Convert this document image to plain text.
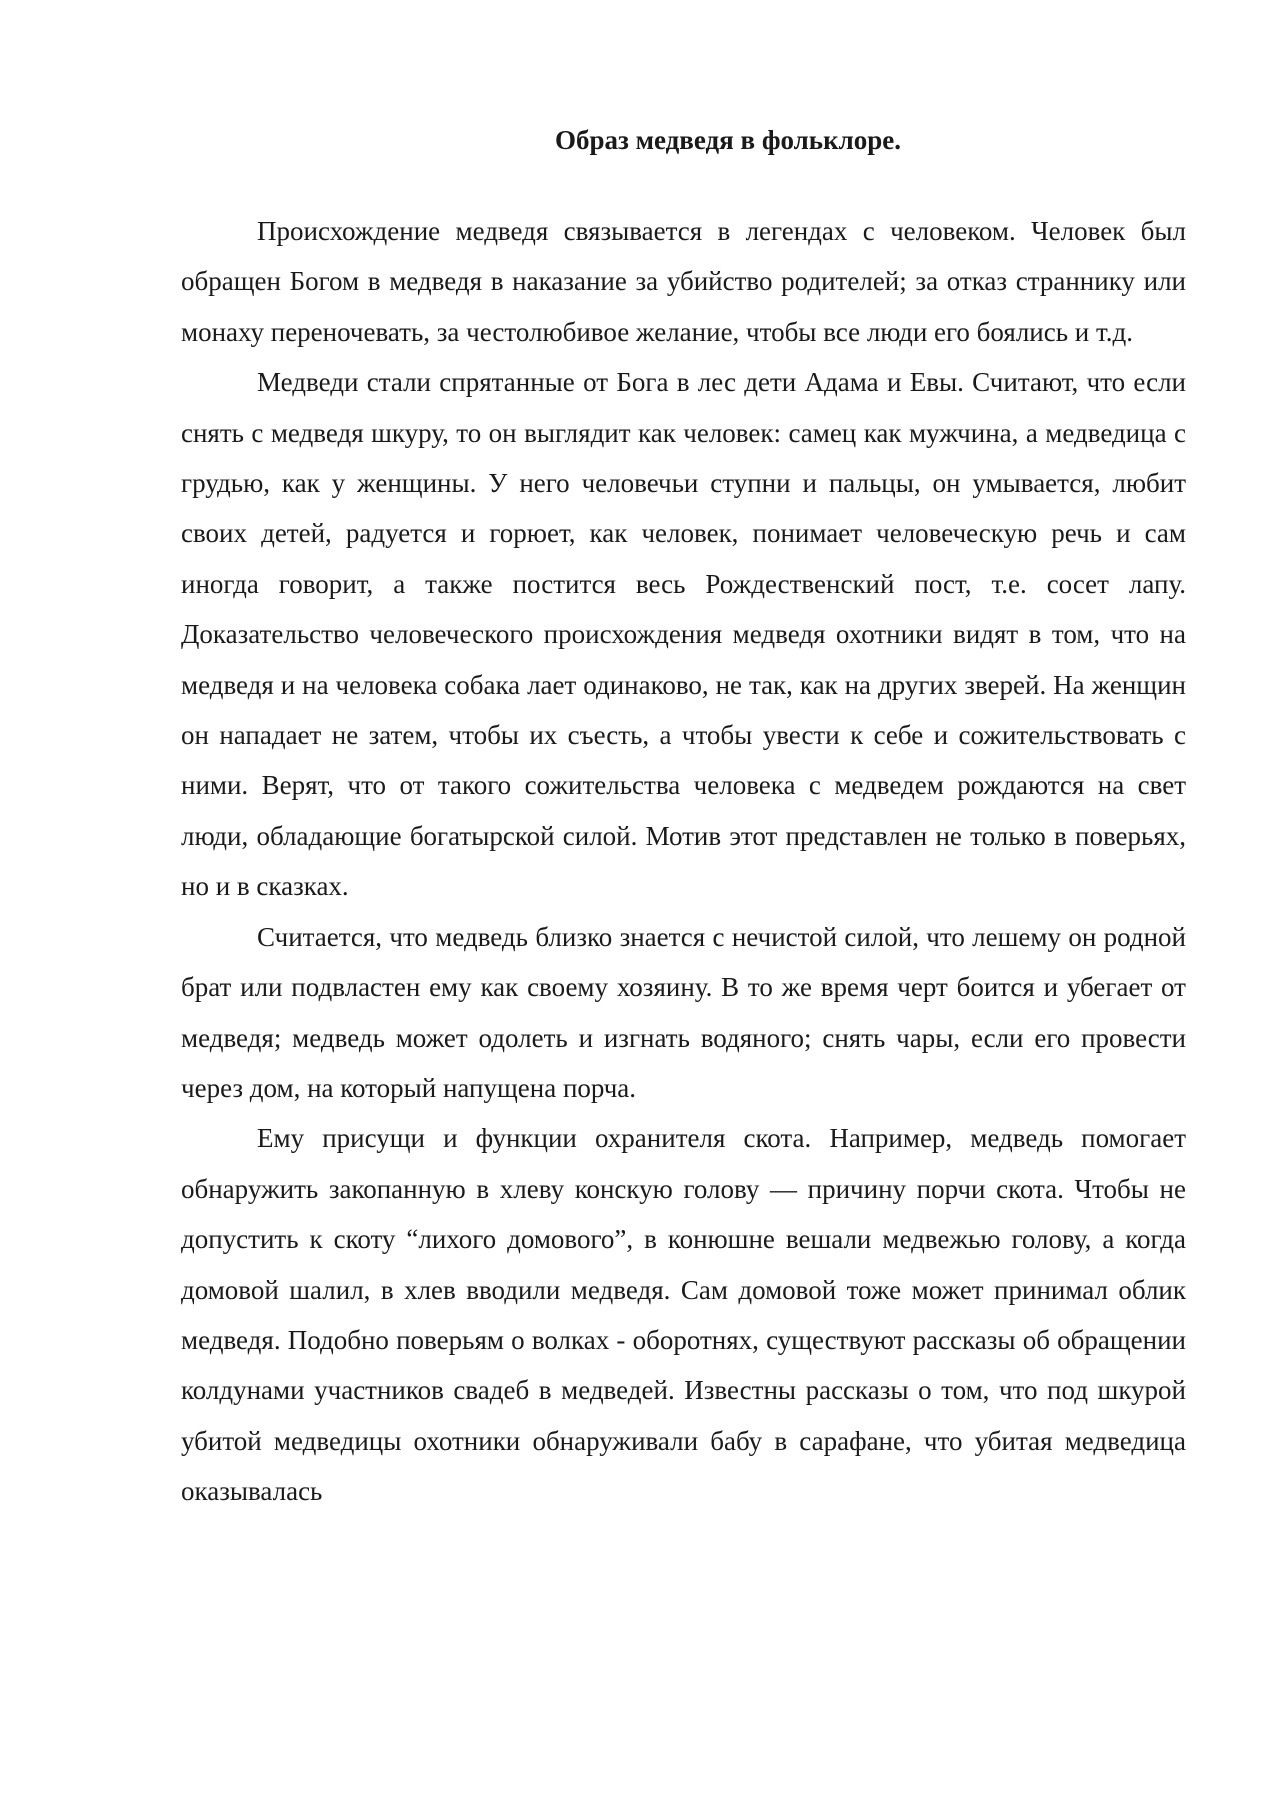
Образ медведя в фольклоре.

Происхождение медведя связывается в легендах с человеком. Человек был обращен Богом в медведя в наказание за убийство родителей; за отказ страннику или монаху переночевать, за честолюбивое желание, чтобы все люди его боялись и т.д.

Медведи стали спрятанные от Бога в лес дети Адама и Евы. Считают, что если снять с медведя шкуру, то он выглядит как человек: самец как мужчина, а медведица с грудью, как у женщины. У него человечьи ступни и пальцы, он умывается, любит своих детей, радуется и горюет, как человек, понимает человеческую речь и сам иногда говорит, а также постится весь Рождественский пост, т.е. сосет лапу. Доказательство человеческого происхождения медведя охотники видят в том, что на медведя и на человека собака лает одинаково, не так, как на других зверей. На женщин он нападает не затем, чтобы их съесть, а чтобы увести к себе и сожительствовать с ними. Верят, что от такого сожительства человека с медведем рождаются на свет люди, обладающие богатырской силой. Мотив этот представлен не только в поверьях, но и в сказках.

Считается, что медведь близко знается с нечистой силой, что лешему он родной брат или подвластен ему как своему хозяину. В то же время черт боится и убегает от медведя; медведь может одолеть и изгнать водяного; снять чары, если его провести через дом, на который напущена порча.

Ему присущи и функции охранителя скота. Например, медведь помогает обнаружить закопанную в хлеву конскую голову — причину порчи скота. Чтобы не допустить к скоту “лихого домового”, в конюшне вешали медвежью голову, а когда домовой шалил, в хлев вводили медведя. Сам домовой тоже может принимал облик медведя. Подобно поверьям о волках - оборотнях, существуют рассказы об обращении колдунами участников свадеб в медведей. Известны рассказы о том, что под шкурой убитой медведицы охотники обнаруживали бабу в сарафане, что убитая медведица оказывалась
